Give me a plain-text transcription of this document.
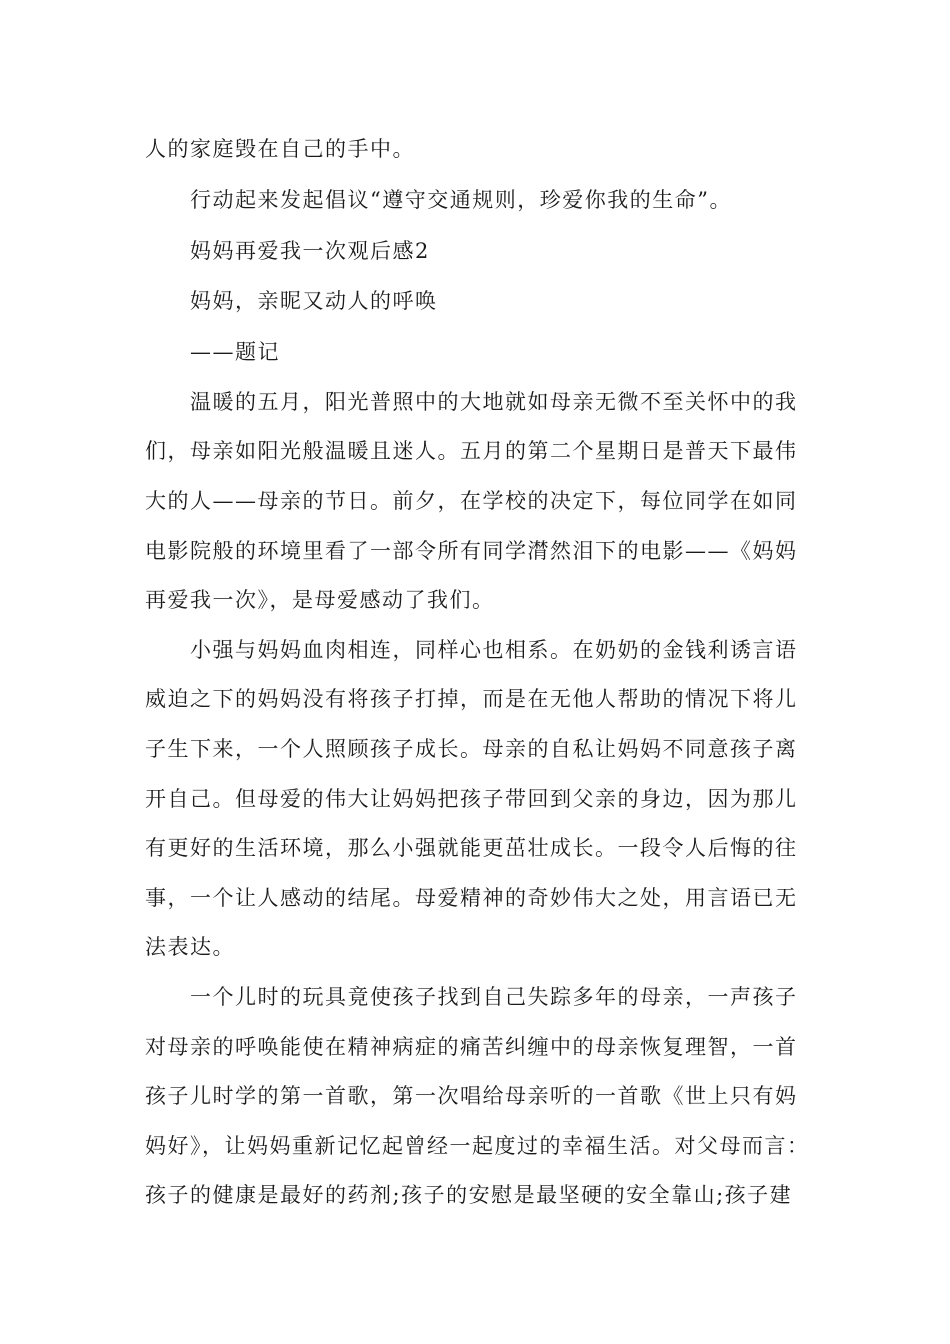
人的家庭毁在自己的手中。
行动起来发起倡议“遵守交通规则，珍爱你我的生命”。
妈妈再爱我一次观后感2
妈妈，亲昵又动人的呼唤
——题记
温暖的五月，阳光普照中的大地就如母亲无微不至关怀中的我
们，母亲如阳光般温暖且迷人。五月的第二个星期日是普天下最伟
大的人——母亲的节日。前夕，在学校的决定下，每位同学在如同
电影院般的环境里看了一部令所有同学潸然泪下的电影——《妈妈
再爱我一次》，是母爱感动了我们。
小强与妈妈血肉相连，同样心也相系。在奶奶的金钱利诱言语
威迫之下的妈妈没有将孩子打掉，而是在无他人帮助的情况下将儿
子生下来，一个人照顾孩子成长。母亲的自私让妈妈不同意孩子离
开自己。但母爱的伟大让妈妈把孩子带回到父亲的身边，因为那儿
有更好的生活环境，那么小强就能更茁壮成长。一段令人后悔的往
事，一个让人感动的结尾。母爱精神的奇妙伟大之处，用言语已无
法表达。
一个儿时的玩具竟使孩子找到自己失踪多年的母亲，一声孩子
对母亲的呼唤能使在精神病症的痛苦纠缠中的母亲恢复理智，一首
孩子儿时学的第一首歌，第一次唱给母亲听的一首歌《世上只有妈
妈好》，让妈妈重新记忆起曾经一起度过的幸福生活。对父母而言：
孩子的健康是最好的药剂;孩子的安慰是最坚硬的安全靠山;孩子建
